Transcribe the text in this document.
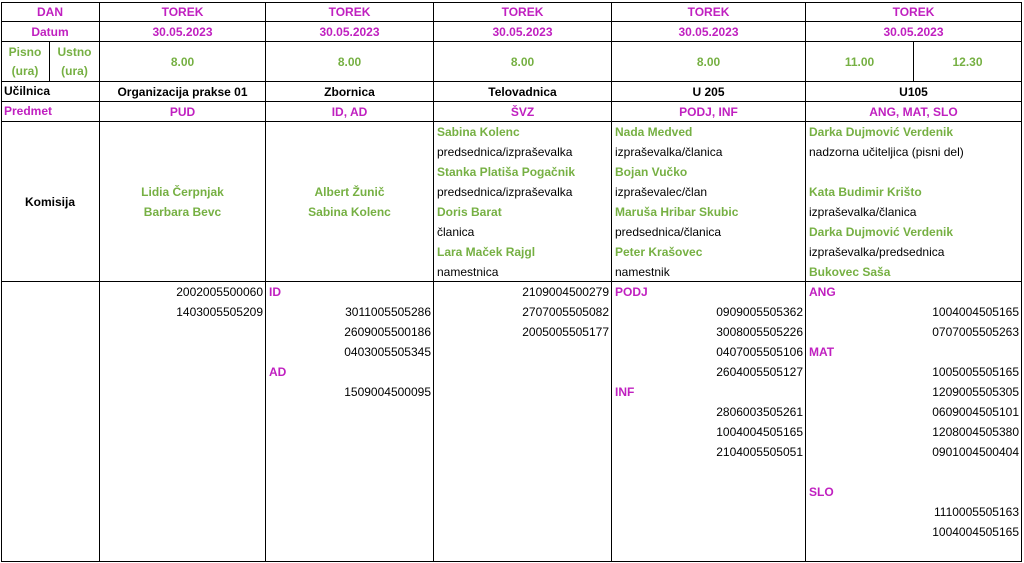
DAN
Datum
Pisno (ura)
Ustno (ura)
Učilnica
Predmet
Komisija
TOREK
30.05.2023
8.00
Organizacija prakse 01
PUD
Lidia Čerpnjak
Barbara Bevc
2002005500060
1403005505209
TOREK
30.05.2023
8.00
Zbornica
ID, AD
Albert Žunič
Sabina Kolenc
ID
3011005505286
2609005500186
0403005505345
AD
1509004500095
TOREK
30.05.2023
8.00
Telovadnica
ŠVZ
Sabina Kolenc
predsednica/izpraševalka
Stanka Platiša Pogačnik
predsednica/izpraševalka
Doris Barat
članica
Lara Maček Rajgl
namestnica
2109004500279
2707005505082
2005005505177
TOREK
30.05.2023
8.00
U 205
PODJ, INF
Nada Medved
izpraševalka/članica
Bojan Vučko
izpraševalec/član
Maruša Hribar Skubic
predsednica/članica
Peter Krašovec
namestnik
PODJ
0909005505362
3008005505226
0407005505106
2604005505127
INF
2806003505261
1004004505165
2104005505051
TOREK
30.05.2023
11.00	12.30
U105
ANG, MAT, SLO
Darka Dujmović Verdenik
nadzorna učiteljica (pisni del)
Kata Budimir Krišto
izpraševalka/članica
Darka Dujmović Verdenik
izpraševalka/predsednica
Bukovec Saša
ANG
1004004505165
0707005505263
MAT
1005005505165
1209005505305
0609004505101
1208004505380
0901004500404
SLO
1110005505163
1004004505165
